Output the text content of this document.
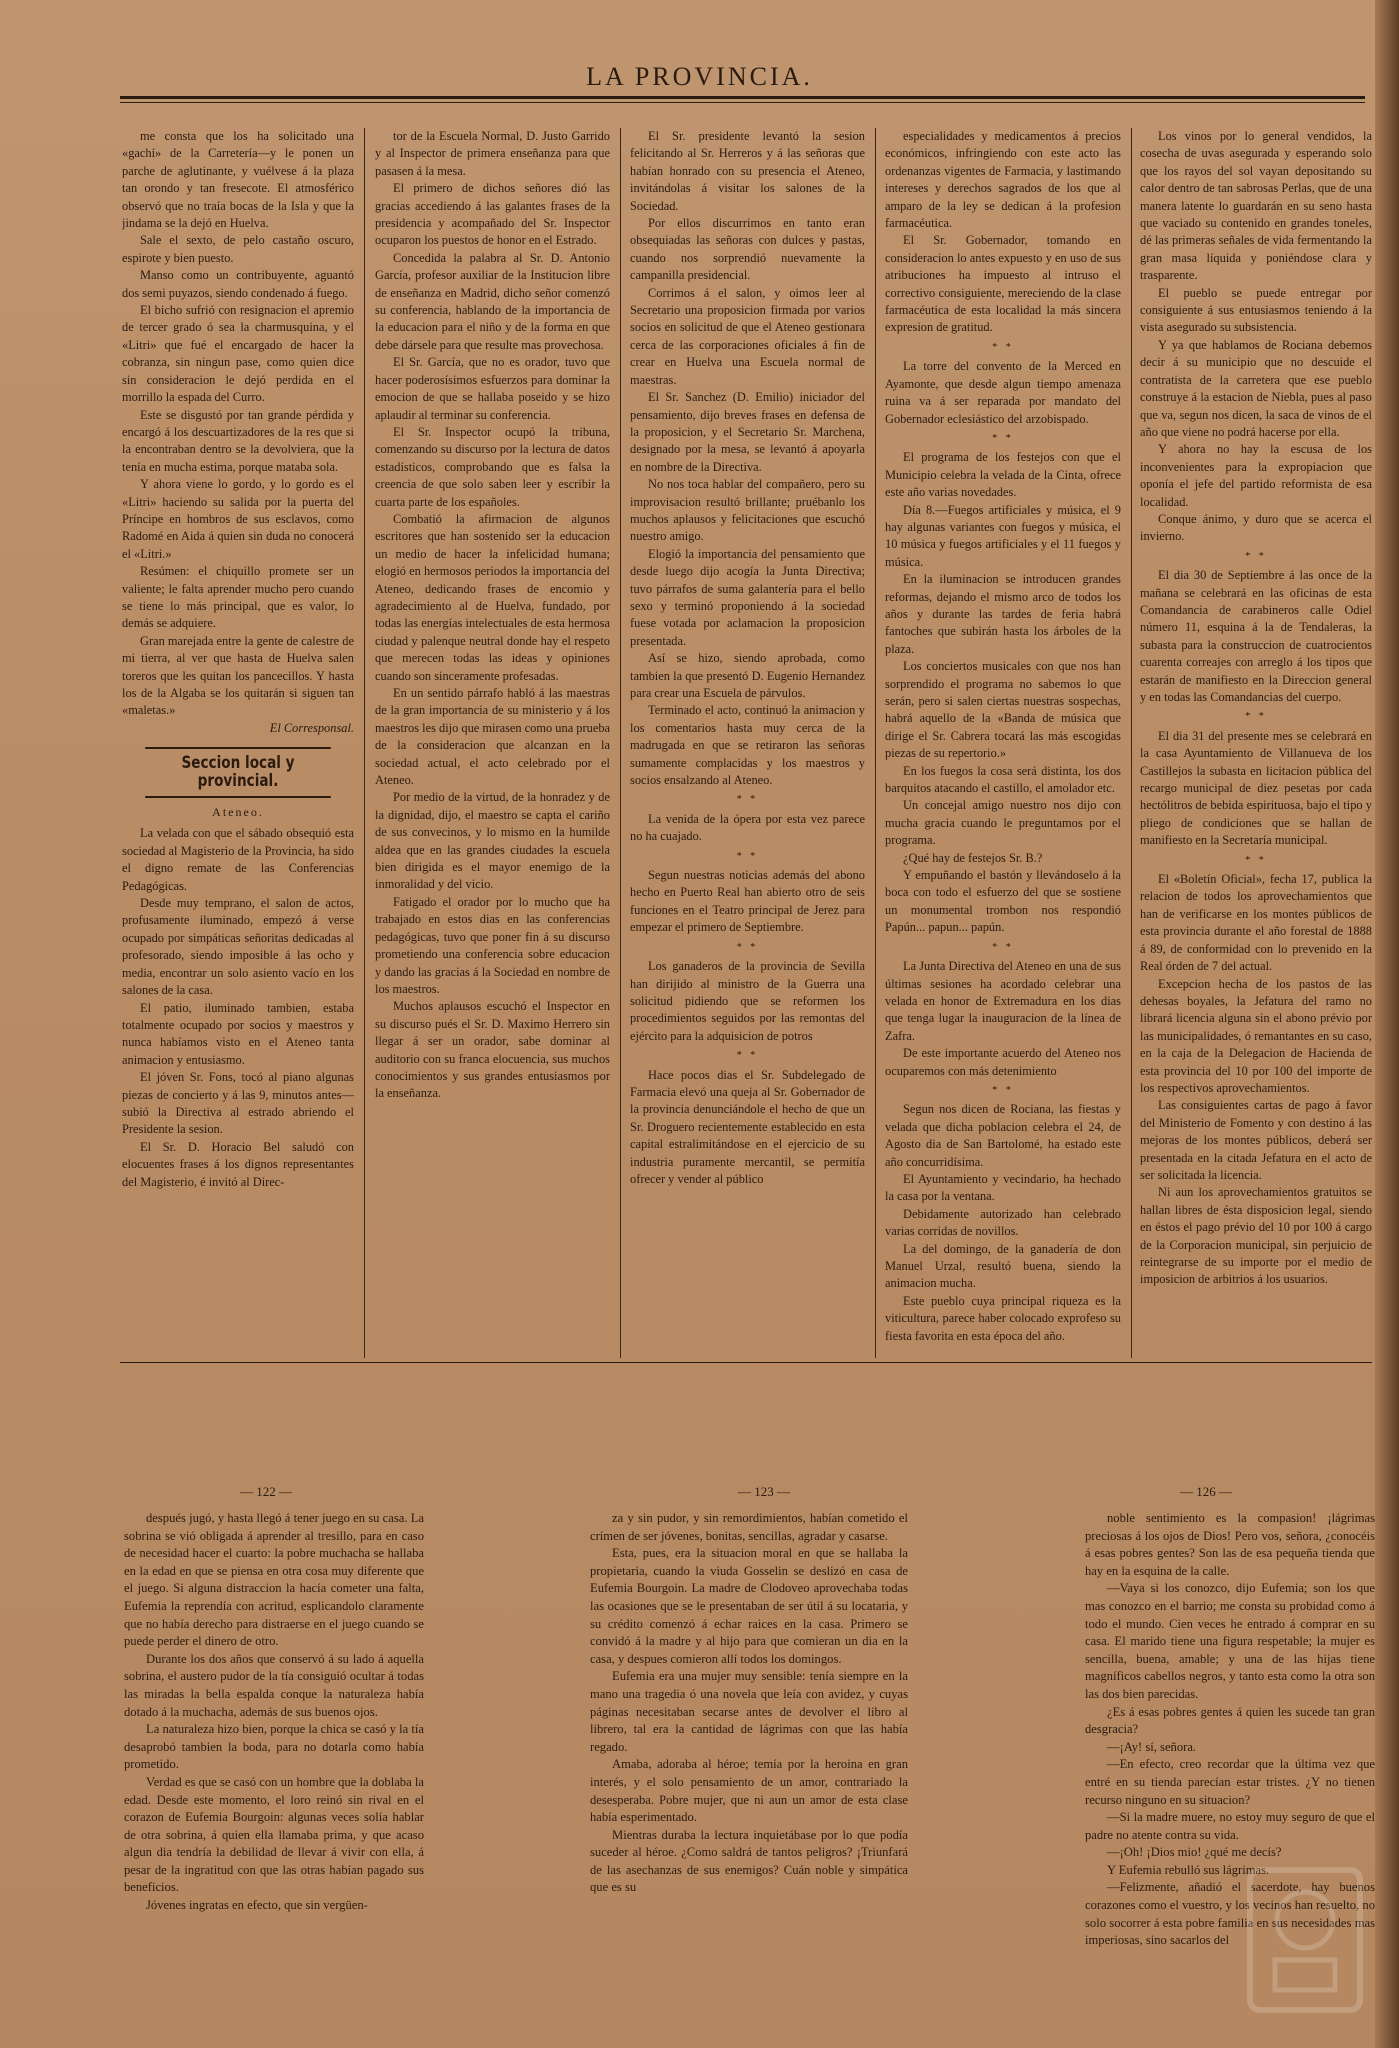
LA PROVINCIA.

me consta que los ha solicitado una «gachí» de la Carretería—y le ponen un parche de aglutinante, y vuélvese á la plaza tan orondo y tan fresecote. El atmosférico observó que no traía bocas de la Isla y que la jindama se la dejó en Huelva.

Sale el sexto, de pelo castaño oscuro, espirote y bien puesto.

Manso como un contribuyente, aguantó dos semi puyazos, siendo condenado á fuego.

El bicho sufrió con resignacion el apremio de tercer grado ó sea la charmusquina, y el «Litri» que fué el encargado de hacer la cobranza, sin ningun pase, como quien dice sin consideracion le dejó perdida en el morrillo la espada del Curro.

Este se disgustó por tan grande pérdida y encargó á los descuartizadores de la res que si la encontraban dentro se la devolviera, que la tenía en mucha estima, porque mataba sola.

Y ahora viene lo gordo, y lo gordo es el «Litri» haciendo su salida por la puerta del Príncipe en hombros de sus esclavos, como Radomé en Aida á quien sin duda no conocerá el «Litri.»

Resúmen: el chiquillo promete ser un valiente; le falta aprender mucho pero cuando se tiene lo más principal, que es valor, lo demás se adquiere.

Gran marejada entre la gente de calestre de mi tierra, al ver que hasta de Huelva salen toreros que les quitan los pancecillos. Y hasta los de la Algaba se los quitarán si siguen tan «maletas.»

El Corresponsal.

Seccion local y provincial.
Ateneo.

La velada con que el sábado obsequió esta sociedad al Magisterio de la Provincia, ha sido el digno remate de las Conferencias Pedagógicas.

Desde muy temprano, el salon de actos, profusamente iluminado, empezó á verse ocupado por simpáticas señoritas dedicadas al profesorado, siendo imposible á las ocho y media, encontrar un solo asiento vacío en los salones de la casa.

El patio, iluminado tambien, estaba totalmente ocupado por socios y maestros y nunca habíamos visto en el Ateneo tanta animacion y entusiasmo.

El jóven Sr. Fons, tocó al piano algunas piezas de concierto y á las 9, minutos antes—subió la Directiva al estrado abriendo el Presidente la sesion.

El Sr. D. Horacio Bel saludó con elocuentes frases á los dignos representantes del Magisterio, é invitó al Direc-

tor de la Escuela Normal, D. Justo Garrido y al Inspector de primera enseñanza para que pasasen á la mesa.

El primero de dichos señores dió las gracias accediendo á las galantes frases de la presidencia y acompañado del Sr. Inspector ocuparon los puestos de honor en el Estrado.

Concedida la palabra al Sr. D. Antonio García, profesor auxiliar de la Institucion libre de enseñanza en Madrid, dicho señor comenzó su conferencia, hablando de la importancia de la educacion para el niño y de la forma en que debe dársele para que resulte mas provechosa.

El Sr. García, que no es orador, tuvo que hacer poderosísimos esfuerzos para dominar la emocion de que se hallaba poseido y se hizo aplaudir al terminar su conferencia.

El Sr. Inspector ocupó la tribuna, comenzando su discurso por la lectura de datos estadísticos, comprobando que es falsa la creencia de que solo saben leer y escribir la cuarta parte de los españoles.

Combatió la afirmacion de algunos escritores que han sostenido ser la educacion un medio de hacer la infelicidad humana; elogió en hermosos periodos la importancia del Ateneo, dedicando frases de encomio y agradecimiento al de Huelva, fundado, por todas las energías intelectuales de esta hermosa ciudad y palenque neutral donde hay el respeto que merecen todas las ideas y opiniones cuando son sinceramente profesadas.

En un sentido párrafo habló á las maestras de la gran importancia de su ministerio y á los maestros les dijo que mirasen como una prueba de la consideracion que alcanzan en la sociedad actual, el acto celebrado por el Ateneo.

Por medio de la virtud, de la honradez y de la dignidad, dijo, el maestro se capta el cariño de sus convecinos, y lo mismo en la humilde aldea que en las grandes ciudades la escuela bien dirigida es el mayor enemigo de la inmoralidad y del vicio.

Fatigado el orador por lo mucho que ha trabajado en estos dias en las conferencias pedagógicas, tuvo que poner fin á su discurso prometiendo una conferencia sobre educacion y dando las gracias á la Sociedad en nombre de los maestros.

Muchos aplausos escuchó el Inspector en su discurso pués el Sr. D. Maximo Herrero sin llegar á ser un orador, sabe dominar al auditorio con su franca elocuencia, sus muchos conocimientos y sus grandes entusiasmos por la enseñanza.

El Sr. presidente levantó la sesion felicitando al Sr. Herreros y á las señoras que habían honrado con su presencia el Ateneo, invitándolas á visitar los salones de la Sociedad.

Por ellos discurrimos en tanto eran obsequiadas las señoras con dulces y pastas, cuando nos sorprendió nuevamente la campanilla presidencial.

Corrimos á el salon, y oimos leer al Secretario una proposicion firmada por varios socios en solicitud de que el Ateneo gestionara cerca de las corporaciones oficiales á fin de crear en Huelva una Escuela normal de maestras.

El Sr. Sanchez (D. Emilio) iniciador del pensamiento, dijo breves frases en defensa de la proposicion, y el Secretario Sr. Marchena, designado por la mesa, se levantó á apoyarla en nombre de la Directiva.

No nos toca hablar del compañero, pero su improvisacion resultó brillante; pruébanlo los muchos aplausos y felicitaciones que escuchó nuestro amigo.

Elogió la importancia del pensamiento que desde luego dijo acogía la Junta Directiva; tuvo párrafos de suma galantería para el bello sexo y terminó proponiendo á la sociedad fuese votada por aclamacion la proposicion presentada.

Así se hizo, siendo aprobada, como tambien la que presentó D. Eugenio Hernandez para crear una Escuela de párvulos.

Terminado el acto, continuó la animacion y los comentarios hasta muy cerca de la madrugada en que se retiraron las señoras sumamente complacidas y los maestros y socios ensalzando al Ateneo.

* *

La venida de la ópera por esta vez parece no ha cuajado.

* *

Segun nuestras noticias además del abono hecho en Puerto Real han abierto otro de seis funciones en el Teatro principal de Jerez para empezar el primero de Septiembre.

* *

Los ganaderos de la provincia de Sevilla han dirijido al ministro de la Guerra una solicitud pidiendo que se reformen los procedimientos seguidos por las remontas del ejército para la adquisicion de potros

* *

Hace pocos dias el Sr. Subdelegado de Farmacia elevó una queja al Sr. Gobernador de la provincia denunciándole el hecho de que un Sr. Droguero recientemente establecido en esta capital estralimitándose en el ejercicio de su industria puramente mercantil, se permitía ofrecer y vender al público

especialidades y medicamentos á precios económicos, infringiendo con este acto las ordenanzas vigentes de Farmacia, y lastimando intereses y derechos sagrados de los que al amparo de la ley se dedican á la profesion farmacéutica.

El Sr. Gobernador, tomando en consideracion lo antes expuesto y en uso de sus atribuciones ha impuesto al intruso el correctivo consiguiente, mereciendo de la clase farmacéutica de esta localidad la más sincera expresion de gratitud.

* *

La torre del convento de la Merced en Ayamonte, que desde algun tiempo amenaza ruina va á ser reparada por mandato del Gobernador eclesiástico del arzobispado.

* *

El programa de los festejos con que el Municipio celebra la velada de la Cinta, ofrece este año varias novedades.

Día 8.—Fuegos artificiales y música, el 9 hay algunas variantes con fuegos y música, el 10 música y fuegos artificiales y el 11 fuegos y música.

En la iluminacion se introducen grandes reformas, dejando el mismo arco de todos los años y durante las tardes de feria habrá fantoches que subirán hasta los árboles de la plaza.

Los conciertos musicales con que nos han sorprendido el programa no sabemos lo que serán, pero si salen ciertas nuestras sospechas, habrá aquello de la «Banda de música que dirige el Sr. Cabrera tocará las más escogidas piezas de su repertorio.»

En los fuegos la cosa será distinta, los dos barquitos atacando el castillo, el amolador etc.

Un concejal amigo nuestro nos dijo con mucha gracia cuando le preguntamos por el programa.

¿Qué hay de festejos Sr. B.?

Y empuñando el bastón y llevándoselo á la boca con todo el esfuerzo del que se sostiene un monumental trombon nos respondió Papún... papun... papún.

* *

La Junta Directiva del Ateneo en una de sus últimas sesiones ha acordado celebrar una velada en honor de Extremadura en los dias que tenga lugar la inauguracion de la línea de Zafra.

De este importante acuerdo del Ateneo nos ocuparemos con más detenimiento

* *

Segun nos dicen de Rociana, las fiestas y velada que dicha poblacion celebra el 24, de Agosto dia de San Bartolomé, ha estado este año concurridísima.

El Ayuntamiento y vecindario, ha hechado la casa por la ventana.

Debidamente autorizado han celebrado varias corridas de novillos.

La del domingo, de la ganadería de don Manuel Urzal, resultó buena, siendo la animacion mucha.

Este pueblo cuya principal riqueza es la viticultura, parece haber colocado exprofeso su fiesta favorita en esta época del año.

Los vinos por lo general vendidos, la cosecha de uvas asegurada y esperando solo que los rayos del sol vayan depositando su calor dentro de tan sabrosas Perlas, que de una manera latente lo guardarán en su seno hasta que vaciado su contenido en grandes toneles, dé las primeras señales de vida fermentando la gran masa líquida y poniéndose clara y trasparente.

El pueblo se puede entregar por consiguiente á sus entusiasmos teniendo á la vista asegurado su subsistencia.

Y ya que hablamos de Rociana debemos decir á su municipio que no descuide el contratista de la carretera que ese pueblo construye á la estacion de Niebla, pues al paso que va, segun nos dicen, la saca de vinos de el año que viene no podrá hacerse por ella.

Y ahora no hay la escusa de los inconvenientes para la expropiacion que oponía el jefe del partido reformista de esa localidad.

Conque ánimo, y duro que se acerca el invierno.

* *

El dia 30 de Septiembre á las once de la mañana se celebrará en las oficinas de esta Comandancia de carabineros calle Odiel número 11, esquina á la de Tendaleras, la subasta para la construccion de cuatrocientos cuarenta correajes con arreglo á los tipos que estarán de manifiesto en la Direccion general y en todas las Comandancias del cuerpo.

* *

El dia 31 del presente mes se celebrará en la casa Ayuntamiento de Villanueva de los Castillejos la subasta en licitacion pública del recargo municipal de diez pesetas por cada hectólitros de bebida espirituosa, bajo el tipo y pliego de condiciones que se hallan de manifiesto en la Secretaría municipal.

* *

El «Boletín Oficial», fecha 17, publica la relacion de todos los aprovechamientos que han de verificarse en los montes públicos de esta provincia durante el año forestal de 1888 á 89, de conformidad con lo prevenido en la Real órden de 7 del actual.

Excepcion hecha de los pastos de las dehesas boyales, la Jefatura del ramo no librará licencia alguna sin el abono prévio por las municipalidades, ó remantantes en su caso, en la caja de la Delegacion de Hacienda de esta provincia del 10 por 100 del importe de los respectivos aprovechamientos.

Las consiguientes cartas de pago á favor del Ministerio de Fomento y con destino á las mejoras de los montes públicos, deberá ser presentada en la citada Jefatura en el acto de ser solicitada la licencia.

Ni aun los aprovechamientos gratuitos se hallan libres de ésta disposicion legal, siendo en éstos el pago prévio del 10 por 100 á cargo de la Corporacion municipal, sin perjuicio de reintegrarse de su importe por el medio de imposicion de arbitrios á los usuarios.

— 122 —	— 123 —	— 126 —

después jugó, y hasta llegó á tener juego en su casa. La sobrina se vió obligada á aprender al tresillo, para en caso de necesidad hacer el cuarto: la pobre muchacha se hallaba en la edad en que se piensa en otra cosa muy diferente que el juego. Si alguna distraccion la hacía cometer una falta, Eufemia la reprendía con acritud, esplicandolo claramente que no había derecho para distraerse en el juego cuando se puede perder el dinero de otro.

Durante los dos años que conservó á su lado á aquella sobrina, el austero pudor de la tía consiguió ocultar á todas las miradas la bella espalda conque la naturaleza había dotado á la muchacha, además de sus buenos ojos.

La naturaleza hizo bien, porque la chica se casó y la tía desaprobó tambien la boda, para no dotarla como había prometido.

Verdad es que se casó con un hombre que la doblaba la edad. Desde este momento, el loro reinó sin rival en el corazon de Eufemia Bourgoin: algunas veces solía hablar de otra sobrina, á quien ella llamaba prima, y que acaso algun dia tendría la debilidad de llevar á vivir con ella, á pesar de la ingratitud con que las otras habían pagado sus beneficios.

Jóvenes ingratas en efecto, que sin vergüen-

za y sin pudor, y sin remordimientos, habían cometido el crímen de ser jóvenes, bonitas, sencillas, agradar y casarse.

Esta, pues, era la situacion moral en que se hallaba la propietaria, cuando la viuda Gosselin se deslizó en casa de Eufemia Bourgoin. La madre de Clodoveo aprovechaba todas las ocasiones que se le presentaban de ser útil á su locataria, y su crédito comenzó á echar raices en la casa. Primero se convidó á la madre y al hijo para que comieran un dia en la casa, y despues comieron allí todos los domingos.

Eufemia era una mujer muy sensible: tenía siempre en la mano una tragedia ó una novela que leía con avidez, y cuyas páginas necesitaban secarse antes de devolver el libro al librero, tal era la cantidad de lágrimas con que las había regado.

Amaba, adoraba al héroe; temía por la heroina en gran interés, y el solo pensamiento de un amor, contrariado la desesperaba. Pobre mujer, que ni aun un amor de esta clase había esperimentado.

Mientras duraba la lectura inquietábase por lo que podía suceder al héroe. ¿Como saldrá de tantos peligros? ¡Triunfará de las asechanzas de sus enemigos? Cuán noble y simpática que es su

noble sentimiento es la compasion! ¡lágrimas preciosas á los ojos de Dios! Pero vos, señora, ¿conocéis á esas pobres gentes? Son las de esa pequeña tienda que hay en la esquina de la calle.

—Vaya si los conozco, dijo Eufemia; son los que mas conozco en el barrio; me consta su probidad como á todo el mundo. Cien veces he entrado á comprar en su casa. El marido tiene una figura respetable; la mujer es sencilla, buena, amable; y una de las hijas tiene magníficos cabellos negros, y tanto esta como la otra son las dos bien parecidas.

¿Es á esas pobres gentes á quien les sucede tan gran desgracia?

—¡Ay! sí, señora.

—En efecto, creo recordar que la última vez que entré en su tienda parecían estar tristes. ¿Y no tienen recurso ninguno en su situacion?

—Si la madre muere, no estoy muy seguro de que el padre no atente contra su vida.

—¡Oh! ¡Dios mio! ¿qué me decís?

Y Eufemia rebulló sus lágrimas.

—Felizmente, añadió el sacerdote, hay buenos corazones como el vuestro, y los vecinos han resuelto, no solo socorrer á esta pobre familia en sus necesidades mas imperiosas, sino sacarlos del
